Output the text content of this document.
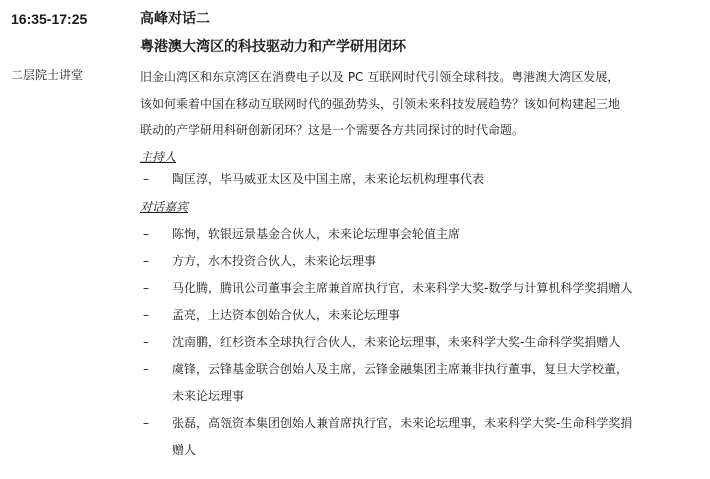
16:35-17:25	高峰对话二
粤港澳大湾区的科技驱动力和产学研用闭环
二层院士讲堂	旧金山湾区和东京湾区在消费电子以及 PC 互联网时代引领全球科技。粤港澳大湾区发展，
该如何乘着中国在移动互联网时代的强劲势头，引领未来科技发展趋势？该如何构建起三地
联动的产学研用科研创新闭环？这是一个需要各方共同探讨的时代命题。
主持人
– 陶匡淳，毕马威亚太区及中国主席，未来论坛机构理事代表
对话嘉宾
– 陈恂，软银远景基金合伙人，未来论坛理事会轮值主席
– 方方，水木投资合伙人，未来论坛理事
– 马化腾，腾讯公司董事会主席兼首席执行官，未来科学大奖-数学与计算机科学奖捐赠人
– 孟亮，上达资本创始合伙人，未来论坛理事
– 沈南鹏，红杉资本全球执行合伙人，未来论坛理事，未来科学大奖-生命科学奖捐赠人
– 虞锋，云锋基金联合创始人及主席，云锋金融集团主席兼非执行董事，复旦大学校董，
未来论坛理事
– 张磊，高瓴资本集团创始人兼首席执行官，未来论坛理事，未来科学大奖-生命科学奖捐
赠人
